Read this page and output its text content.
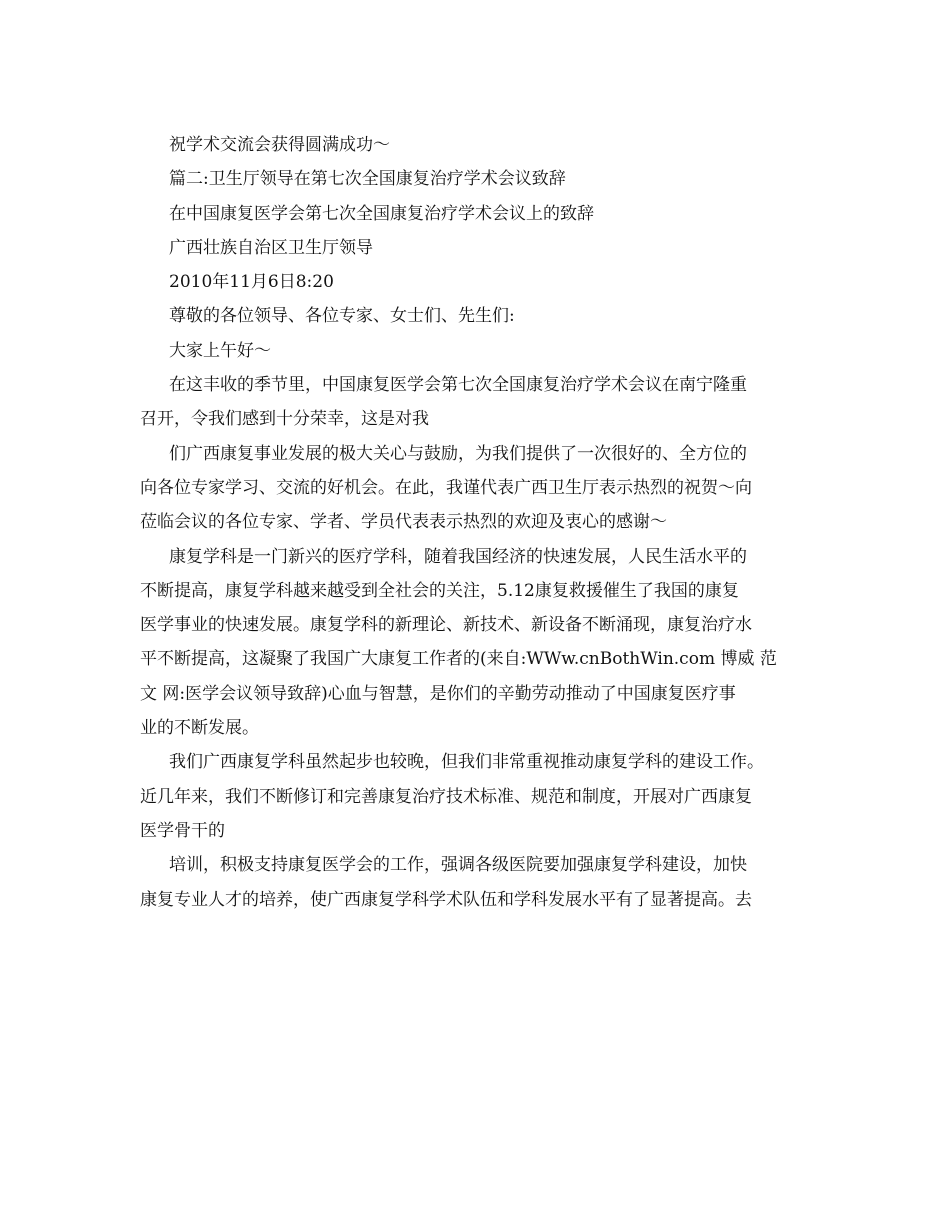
祝学术交流会获得圆满成功～
篇二:卫生厅领导在第七次全国康复治疗学术会议致辞
在中国康复医学会第七次全国康复治疗学术会议上的致辞
广西壮族自治区卫生厅领导
2010年11月6日8:20
尊敬的各位领导、各位专家、女士们、先生们:
大家上午好～
在这丰收的季节里，中国康复医学会第七次全国康复治疗学术会议在南宁隆重
召开，令我们感到十分荣幸，这是对我
们广西康复事业发展的极大关心与鼓励，为我们提供了一次很好的、全方位的
向各位专家学习、交流的好机会。在此，我谨代表广西卫生厅表示热烈的祝贺～向
莅临会议的各位专家、学者、学员代表表示热烈的欢迎及衷心的感谢～
康复学科是一门新兴的医疗学科，随着我国经济的快速发展，人民生活水平的
不断提高，康复学科越来越受到全社会的关注，5.12康复救援催生了我国的康复
医学事业的快速发展。康复学科的新理论、新技术、新设备不断涌现，康复治疗水
平不断提高，这凝聚了我国广大康复工作者的(来自:WWw.cnBothWin.com 博威 范
文 网:医学会议领导致辞)心血与智慧，是你们的辛勤劳动推动了中国康复医疗事
业的不断发展。
我们广西康复学科虽然起步也较晚，但我们非常重视推动康复学科的建设工作。
近几年来，我们不断修订和完善康复治疗技术标准、规范和制度，开展对广西康复
医学骨干的
培训，积极支持康复医学会的工作，强调各级医院要加强康复学科建设，加快
康复专业人才的培养，使广西康复学科学术队伍和学科发展水平有了显著提高。去
